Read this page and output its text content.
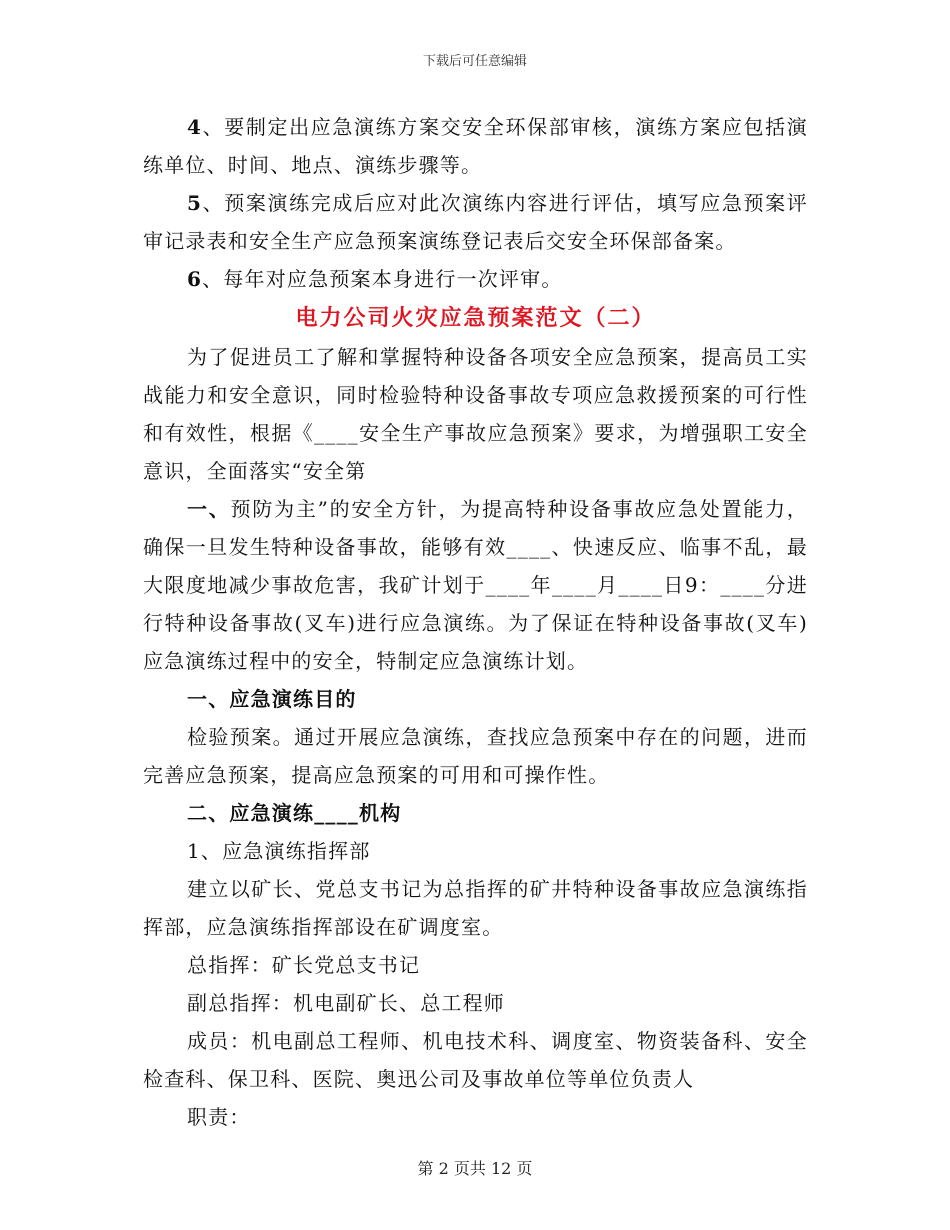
下载后可任意编辑

4、要制定出应急演练方案交安全环保部审核，演练方案应包括演练单位、时间、地点、演练步骤等。

5、预案演练完成后应对此次演练内容进行评估，填写应急预案评审记录表和安全生产应急预案演练登记表后交安全环保部备案。

6、每年对应急预案本身进行一次评审。

电力公司火灾应急预案范文（二）

为了促进员工了解和掌握特种设备各项安全应急预案，提高员工实战能力和安全意识，同时检验特种设备事故专项应急救援预案的可行性和有效性，根据《____安全生产事故应急预案》要求，为增强职工安全意识，全面落实“安全第

一、预防为主”的安全方针，为提高特种设备事故应急处置能力，确保一旦发生特种设备事故，能够有效____、快速反应、临事不乱，最大限度地减少事故危害，我矿计划于____年____月____日9：____分进行特种设备事故(叉车)进行应急演练。为了保证在特种设备事故(叉车)应急演练过程中的安全，特制定应急演练计划。

一、应急演练目的

检验预案。通过开展应急演练，查找应急预案中存在的问题，进而完善应急预案，提高应急预案的可用和可操作性。

二、应急演练____机构

1、应急演练指挥部

建立以矿长、党总支书记为总指挥的矿井特种设备事故应急演练指挥部，应急演练指挥部设在矿调度室。

总指挥：矿长党总支书记

副总指挥：机电副矿长、总工程师

成员：机电副总工程师、机电技术科、调度室、物资装备科、安全检查科、保卫科、医院、奥迅公司及事故单位等单位负责人

职责：

第 2 页共 12 页
